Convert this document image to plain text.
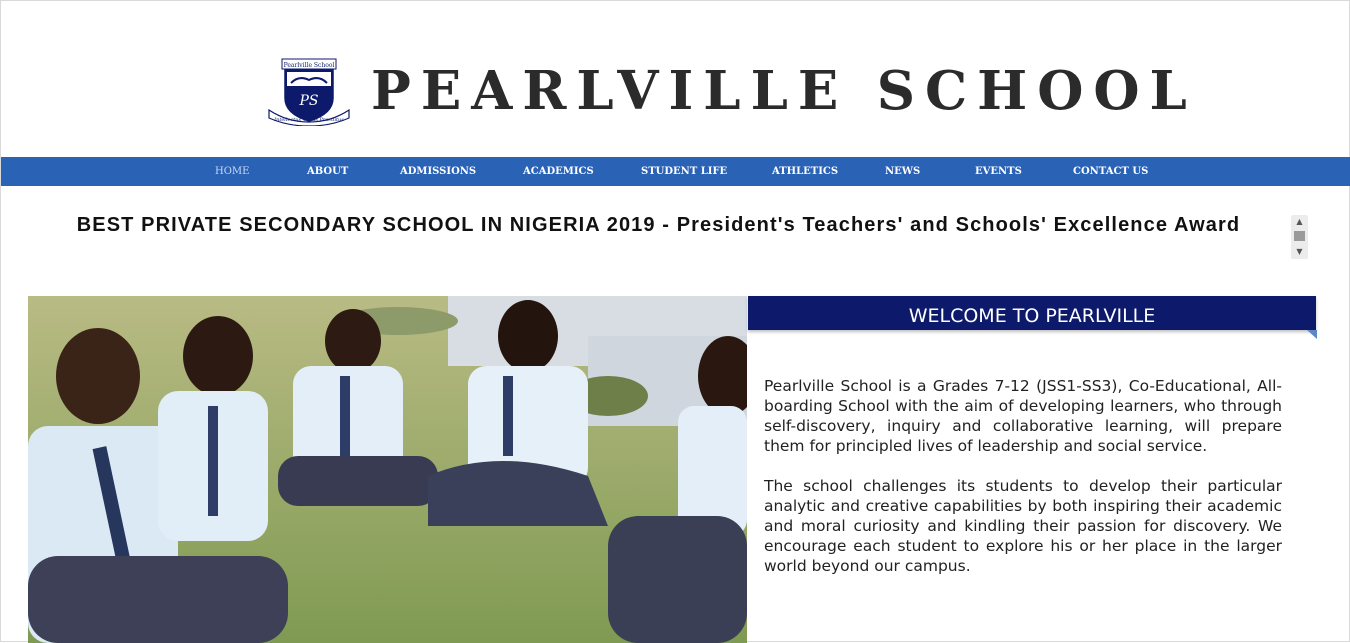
Pearlville School
PS
Intellectus Virtus Praeditus PEARLVILLE SCHOOL
HOME	ABOUT	ADMISSIONS	ACADEMICS	STUDENT LIFE	ATHLETICS	NEWS	EVENTS	CONTACT US
BEST PRIVATE SECONDARY SCHOOL IN NIGERIA 2019 - President's Teachers' and Schools' Excellence Award	▲
▼
WELCOME TO PEARLVILLE

Pearlville School is a Grades 7-12 (JSS1-SS3), Co-Educational, All-boarding School with the aim of developing learners, who through self-discovery, inquiry and collaborative learning, will prepare them for principled lives of leadership and social service.

The school challenges its students to develop their particular analytic and creative capabilities by both inspiring their academic and moral curiosity and kindling their passion for discovery. We encourage each student to explore his or her place in the larger world beyond our campus.
